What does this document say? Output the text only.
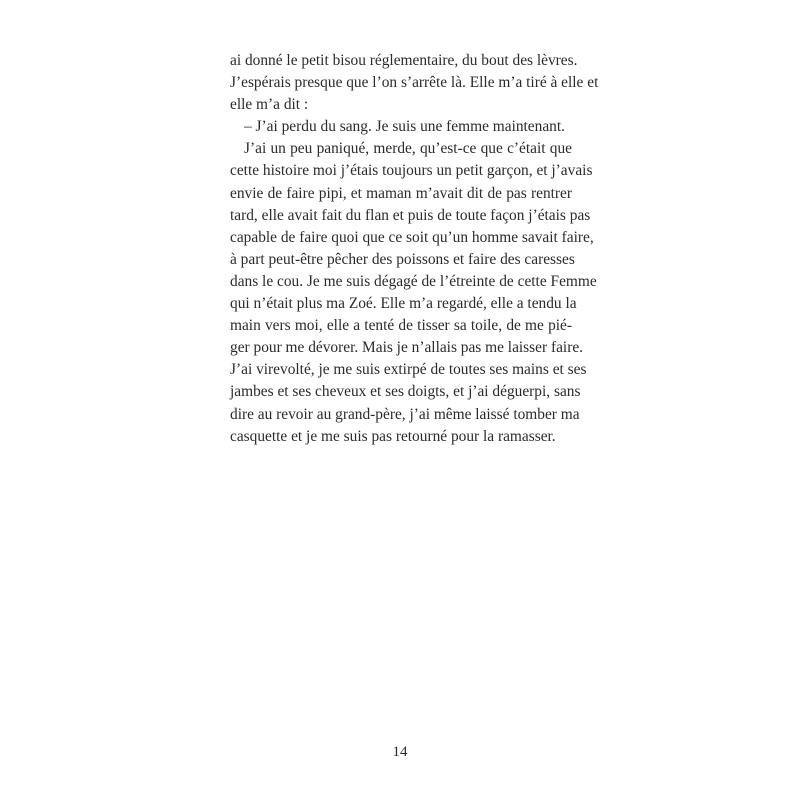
ai donné le petit bisou réglementaire, du bout des lèvres.
J’espérais presque que l’on s’arrête là. Elle m’a tiré à elle et
elle m’a dit :
– J’ai perdu du sang. Je suis une femme maintenant.
J’ai un peu paniqué, merde, qu’est-ce que c’était que
cette histoire moi j’étais toujours un petit garçon, et j’avais
envie de faire pipi, et maman m’avait dit de pas rentrer
tard, elle avait fait du flan et puis de toute façon j’étais pas
capable de faire quoi que ce soit qu’un homme savait faire,
à part peut-être pêcher des poissons et faire des caresses
dans le cou. Je me suis dégagé de l’étreinte de cette Femme
qui n’était plus ma Zoé. Elle m’a regardé, elle a tendu la
main vers moi, elle a tenté de tisser sa toile, de me pié-
ger pour me dévorer. Mais je n’allais pas me laisser faire.
J’ai virevolté, je me suis extirpé de toutes ses mains et ses
jambes et ses cheveux et ses doigts, et j’ai déguerpi, sans
dire au revoir au grand-père, j’ai même laissé tomber ma
casquette et je me suis pas retourné pour la ramasser.
14
